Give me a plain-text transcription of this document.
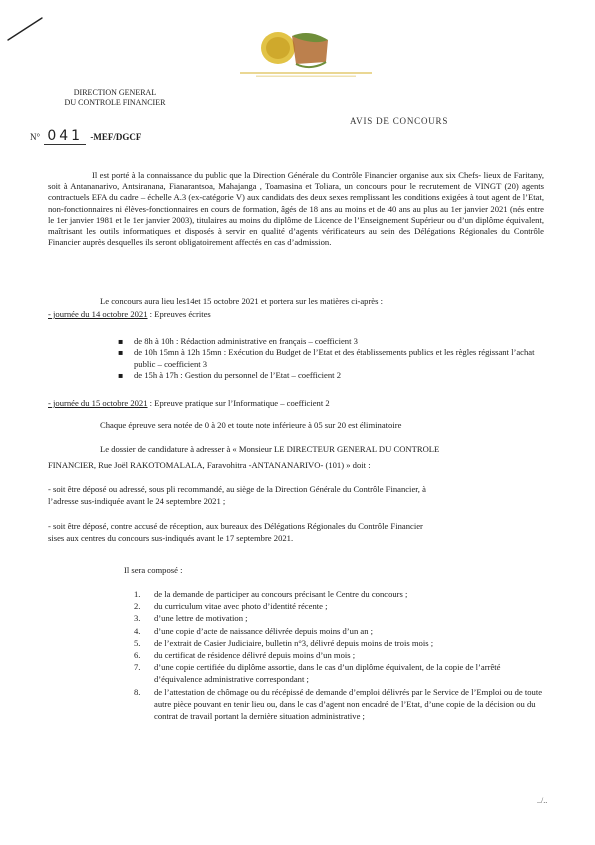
DIRECTION GENERAL
DU CONTROLE FINANCIER
N° 041 -MEF/DGCF
AVIS DE CONCOURS
Il est porté à la connaissance du public que la Direction Générale du Contrôle Financier organise aux six Chefs- lieux de Faritany, soit à Antananarivo, Antsiranana, Fianarantsoa, Mahajanga , Toamasina et Toliara, un concours pour le recrutement de VINGT (20) agents contractuels EFA du cadre – échelle A.3 (ex-catégorie V) aux candidats des deux sexes remplissant les conditions exigées à tout agent de l’Etat, non-fonctionnaires ni élèves-fonctionnaires en cours de formation, âgés de 18 ans au moins et de 40 ans au plus au 1er janvier 2021 (nés entre le 1er janvier 1981 et le 1er janvier 2003), titulaires au moins du diplôme de Licence de l’Enseignement Supérieur ou d’un diplôme équivalent, maîtrisant les outils informatiques et disposés à servir en qualité d’agents vérificateurs au sein des Délégations Régionales du Contrôle Financier auprès desquelles ils seront obligatoirement affectés en cas d’admission.
Le concours aura lieu les14et 15 octobre 2021 et portera sur les matières ci-après :
- journée du 14 octobre 2021 : Epreuves écrites
▪ de 8h à 10h : Rédaction administrative en français – coefficient 3
▪ de 10h 15mn à 12h 15mn : Exécution du Budget de l’Etat et des établissements publics et les règles régissant l’achat public – coefficient 3
▪ de 15h à 17h : Gestion du personnel de l’Etat – coefficient 2
- journée du 15 octobre 2021 : Epreuve pratique sur l’Informatique – coefficient 2
Chaque épreuve sera notée de 0 à 20 et toute note inférieure à 05 sur 20 est éliminatoire
Le dossier de candidature à adresser à « Monsieur LE DIRECTEUR GENERAL DU CONTROLE
FINANCIER, Rue Joël RAKOTOMALALA, Faravohitra -ANTANANARIVO- (101) » doit :
- soit être déposé ou adressé, sous pli recommandé, au siège de la Direction Générale du Contrôle Financier, à
l’adresse sus-indiquée avant le 24 septembre 2021 ;
- soit être déposé, contre accusé de réception, aux bureaux des Délégations Régionales du Contrôle Financier
sises aux centres du concours sus-indiqués avant le 17 septembre 2021.
Il sera composé :
1. de la demande de participer au concours précisant le Centre du concours ;
2. du curriculum vitae avec photo d’identité récente ;
3. d’une lettre de motivation ;
4. d’une copie d’acte de naissance délivrée depuis moins d’un an ;
5. de l’extrait de Casier Judiciaire, bulletin n°3, délivré depuis moins de trois mois ;
6. du certificat de résidence délivré depuis moins d’un mois ;
7. d’une copie certifiée du diplôme assortie, dans le cas d’un diplôme équivalent, de la copie de l’arrêté d’équivalence administrative correspondant ;
8. de l’attestation de chômage ou du récépissé de demande d’emploi délivrés par le Service de l’Emploi ou de toute autre pièce pouvant en tenir lieu ou, dans le cas d’agent non encadré de l’Etat, d’une copie de la décision ou du contrat de travail portant la dernière situation administrative ;
../..
